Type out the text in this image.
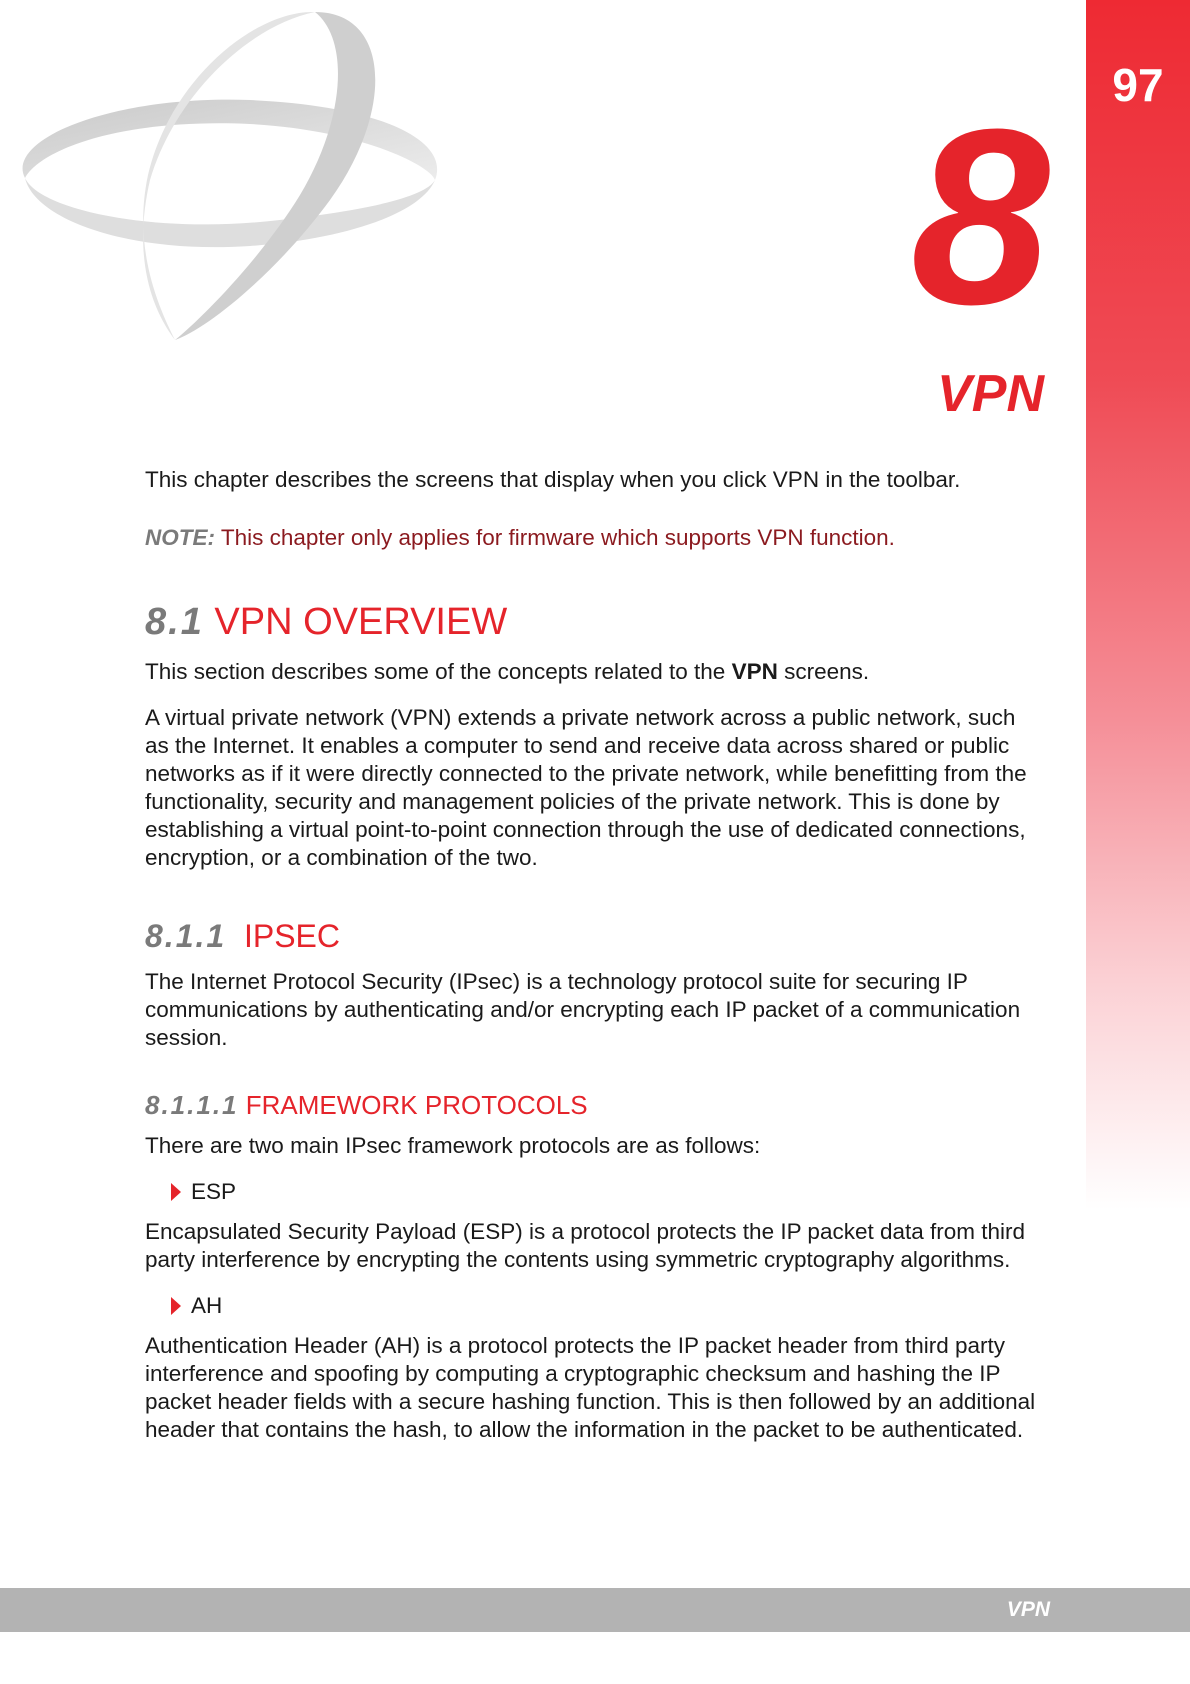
97
8
VPN

This chapter describes the screens that display when you click VPN in the toolbar.

NOTE: This chapter only applies for firmware which supports VPN function.

8.1 VPN OVERVIEW

This section describes some of the concepts related to the VPN screens.

A virtual private network (VPN) extends a private network across a public network, such as the Internet. It enables a computer to send and receive data across shared or public networks as if it were directly connected to the private network, while benefitting from the functionality, security and management policies of the private network. This is done by establishing a virtual point-to-point connection through the use of dedicated connections, encryption, or a combination of the two.

8.1.1 IPSEC

The Internet Protocol Security (IPsec) is a technology protocol suite for securing IP communications by authenticating and/or encrypting each IP packet of a communication session.

8.1.1.1 FRAMEWORK PROTOCOLS

There are two main IPsec framework protocols are as follows:

ESP

Encapsulated Security Payload (ESP) is a protocol protects the IP packet data from third party interference by encrypting the contents using symmetric cryptography algorithms.

AH

Authentication Header (AH) is a protocol protects the IP packet header from third party interference and spoofing by computing a cryptographic checksum and hashing the IP packet header fields with a secure hashing function. This is then followed by an additional header that contains the hash, to allow the information in the packet to be authenticated.

VPN
